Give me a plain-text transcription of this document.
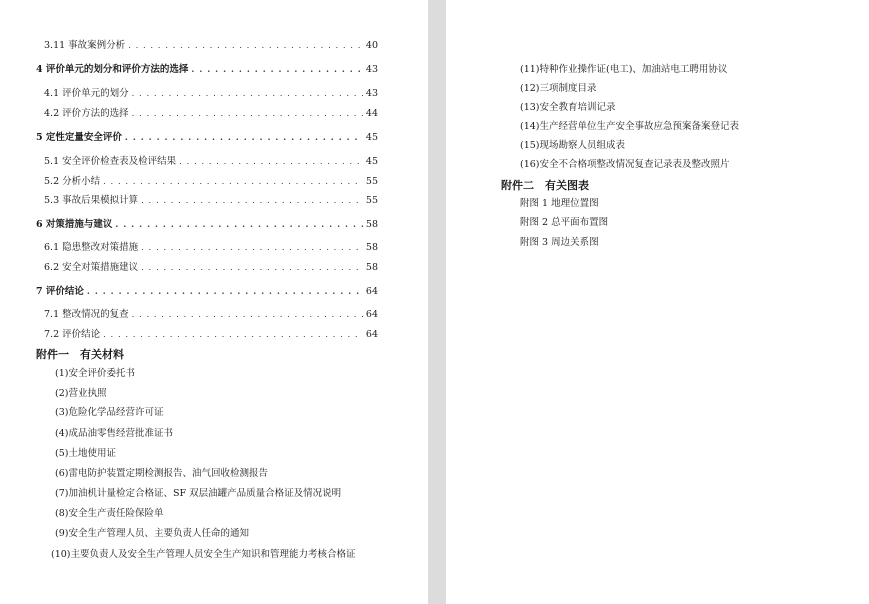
3.11 事故案例分析 . . .	40
4 评价单元的划分和评价方法的选择 . . .	43
4.1 评价单元的划分 . . .	43
4.2 评价方法的选择 . . .	44
5 定性定量安全评价 . . .	45
5.1 安全评价检查表及检评结果 . . .	45
5.2 分析小结 . . .	55
5.3 事故后果模拟计算 . . .	55
6 对策措施与建议 . . .	58
6.1 隐患整改对策措施 . . .	58
6.2 安全对策措施建议 . . .	58
7 评价结论 . . .	64
7.1 整改情况的复查 . . .	64
7.2 评价结论 . . .	64
附件一　有关材料
(1)安全评价委托书
(2)营业执照
(3)危险化学品经营许可证
(4)成品油零售经营批准证书
(5)土地使用证
(6)雷电防护装置定期检测报告、油气回收检测报告
(7)加油机计量检定合格证、SF 双层油罐产品质量合格证及情况说明
(8)安全生产责任险保险单
(9)安全生产管理人员、主要负责人任命的通知
(10)主要负责人及安全生产管理人员安全生产知识和管理能力考核合格证
(11)特种作业操作证(电工)、加油站电工聘用协议
(12)三项制度目录
(13)安全教育培训记录
(14)生产经营单位生产安全事故应急预案备案登记表
(15)现场勘察人员组成表
(16)安全不合格项整改情况复查记录表及整改照片
附件二　有关图表
附图 1 地理位置图
附图 2 总平面布置图
附图 3 周边关系图
